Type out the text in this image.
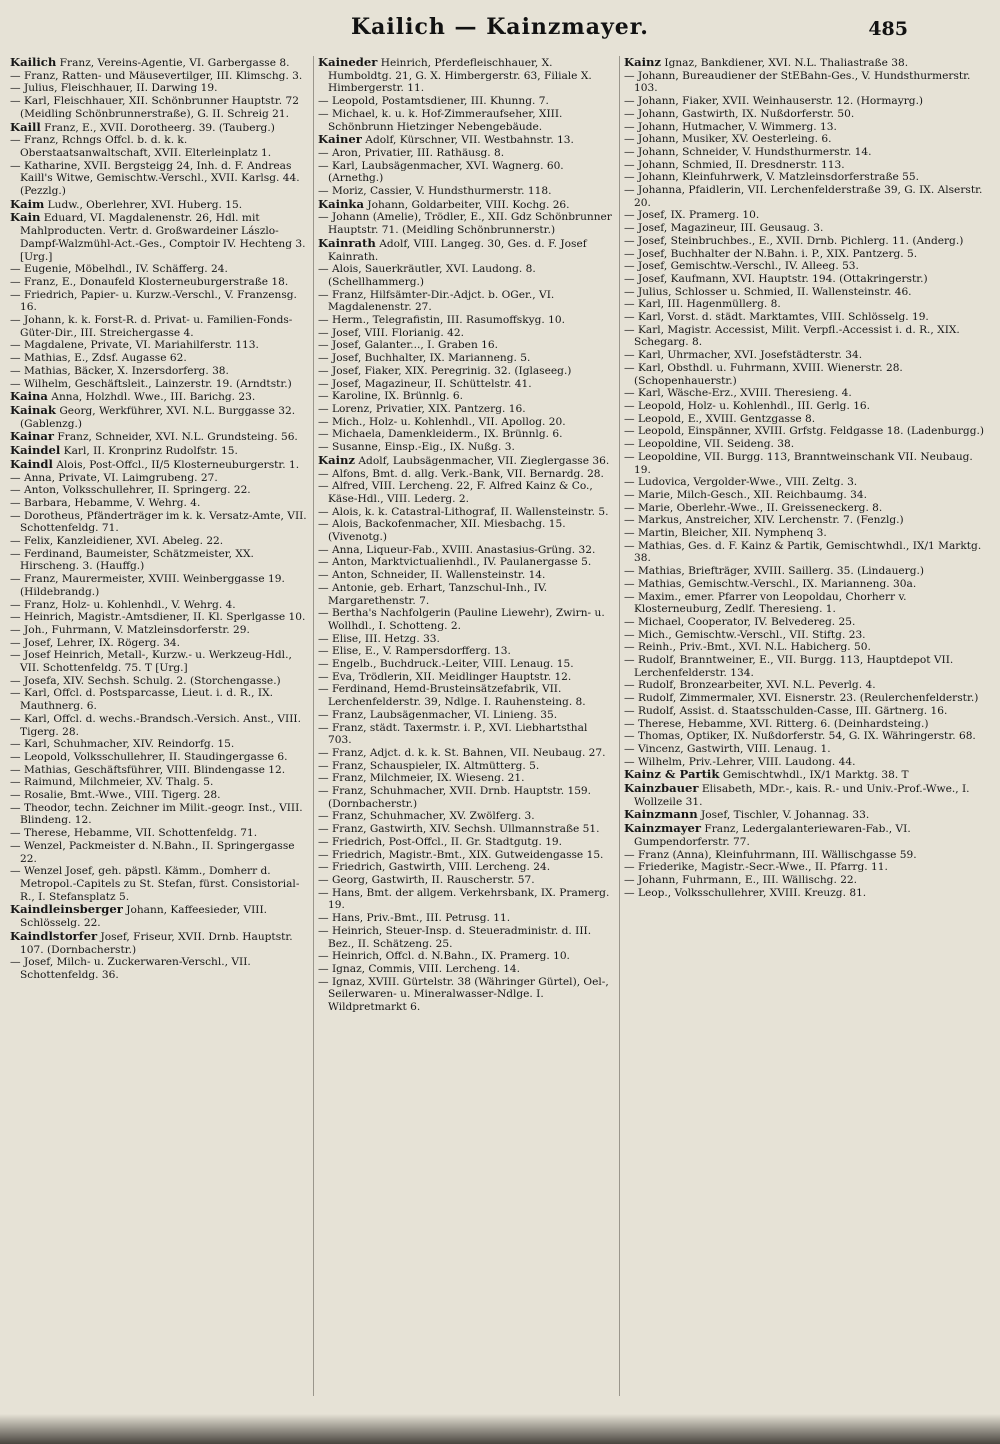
Kailich — Kainzmayer.	485

Kailich Franz, Vereins-Agentie, VI. Garbergasse 8.

— Franz, Ratten- und Mäusevertilger, III. Klimschg. 3.

— Julius, Fleischhauer, II. Darwing 19.

— Karl, Fleischhauer, XII. Schönbrunner Hauptstr. 72 (Meidling Schönbrunnerstraße), G. II. Schreig 21.

Kaill Franz, E., XVII. Dorotheerg. 39. (Tauberg.)

— Franz, Rchngs Offcl. b. d. k. k. Oberstaatsanwaltschaft, XVII. Elterleinplatz 1.

— Katharine, XVII. Bergsteigg 24, Inh. d. F. Andreas Kaill's Witwe, Gemischtw.-Verschl., XVII. Karlsg. 44. (Pezzlg.)

Kaim Ludw., Oberlehrer, XVI. Huberg. 15.

Kain Eduard, VI. Magdalenenstr. 26, Hdl. mit Mahlproducten. Vertr. d. Großwardeiner Lászlo-Dampf-Walzmühl-Act.-Ges., Comptoir IV. Hechteng 3. [Urg.]

— Eugenie, Möbelhdl., IV. Schäfferg. 24.

— Franz, E., Donaufeld Klosterneuburgerstraße 18.

— Friedrich, Papier- u. Kurzw.-Verschl., V. Franzensg. 16.

— Johann, k. k. Forst-R. d. Privat- u. Familien-Fonds-Güter-Dir., III. Streichergasse 4.

— Magdalene, Private, VI. Mariahilferstr. 113.

— Mathias, E., Zdsf. Augasse 62.

— Mathias, Bäcker, X. Inzersdorferg. 38.

— Wilhelm, Geschäftsleit., Lainzerstr. 19. (Arndtstr.)

Kaina Anna, Holzhdl. Wwe., III. Barichg. 23.

Kainak Georg, Werkführer, XVI. N.L. Burggasse 32. (Gablenzg.)

Kainar Franz, Schneider, XVI. N.L. Grundsteing. 56.

Kaindel Karl, II. Kronprinz Rudolfstr. 15.

Kaindl Alois, Post-Offcl., II/5 Klosterneuburgerstr. 1.

— Anna, Private, VI. Laimgrubeng. 27.

— Anton, Volksschullehrer, II. Springerg. 22.

— Barbara, Hebamme, V. Wehrg. 4.

— Dorotheus, Pfänderträger im k. k. Versatz-Amte, VII. Schottenfeldg. 71.

— Felix, Kanzleidiener, XVI. Abeleg. 22.

— Ferdinand, Baumeister, Schätzmeister, XX. Hirscheng. 3. (Hauffg.)

— Franz, Maurermeister, XVIII. Weinberggasse 19. (Hildebrandg.)

— Franz, Holz- u. Kohlenhdl., V. Wehrg. 4.

— Heinrich, Magistr.-Amtsdiener, II. Kl. Sperlgasse 10.

— Joh., Fuhrmann, V. Matzleinsdorferstr. 29.

— Josef, Lehrer, IX. Rögerg. 34.

— Josef Heinrich, Metall-, Kurzw.- u. Werkzeug-Hdl., VII. Schottenfeldg. 75. T [Urg.]

— Josefa, XIV. Sechsh. Schulg. 2. (Storchengasse.)

— Karl, Offcl. d. Postsparcasse, Lieut. i. d. R., IX. Mauthnerg. 6.

— Karl, Offcl. d. wechs.-Brandsch.-Versich. Anst., VIII. Tigerg. 28.

— Karl, Schuhmacher, XIV. Reindorfg. 15.

— Leopold, Volksschullehrer, II. Staudingergasse 6.

— Mathias, Geschäftsführer, VIII. Blindengasse 12.

— Raimund, Milchmeier, XV. Thalg. 5.

— Rosalie, Bmt.-Wwe., VIII. Tigerg. 28.

— Theodor, techn. Zeichner im Milit.-geogr. Inst., VIII. Blindeng. 12.

— Therese, Hebamme, VII. Schottenfeldg. 71.

— Wenzel, Packmeister d. N.Bahn., II. Springergasse 22.

— Wenzel Josef, geh. päpstl. Kämm., Domherr d. Metropol.-Capitels zu St. Stefan, fürst. Consistorial-R., I. Stefansplatz 5.

Kaindleinsberger Johann, Kaffeesieder, VIII. Schlösselg. 22.

Kaindlstorfer Josef, Friseur, XVII. Drnb. Hauptstr. 107. (Dornbacherstr.)

— Josef, Milch- u. Zuckerwaren-Verschl., VII. Schottenfeldg. 36.

Kaineder Heinrich, Pferdefleischhauer, X. Humboldtg. 21, G. X. Himbergerstr. 63, Filiale X. Himbergerstr. 11.

— Leopold, Postamtsdiener, III. Khunng. 7.

— Michael, k. u. k. Hof-Zimmeraufseher, XIII. Schönbrunn Hietzinger Nebengebäude.

Kainer Adolf, Kürschner, VII. Westbahnstr. 13.

— Aron, Privatier, III. Rathäusg. 8.

— Karl, Laubsägenmacher, XVI. Wagnerg. 60. (Arnethg.)

— Moriz, Cassier, V. Hundsthurmerstr. 118.

Kainka Johann, Goldarbeiter, VIII. Kochg. 26.

— Johann (Amelie), Trödler, E., XII. Gdz Schönbrunner Hauptstr. 71. (Meidling Schönbrunnerstr.)

Kainrath Adolf, VIII. Langeg. 30, Ges. d. F. Josef Kainrath.

— Alois, Sauerkräutler, XVI. Laudong. 8. (Schellhammerg.)

— Franz, Hilfsämter-Dir.-Adjct. b. OGer., VI. Magdalenenstr. 27.

— Herm., Telegrafistin, III. Rasumoffskyg. 10.

— Josef, VIII. Florianig. 42.

— Josef, Galanter..., I. Graben 16.

— Josef, Buchhalter, IX. Marianneng. 5.

— Josef, Fiaker, XIX. Peregrinig. 32. (Iglaseeg.)

— Josef, Magazineur, II. Schüttelstr. 41.

— Karoline, IX. Brünnlg. 6.

— Lorenz, Privatier, XIX. Pantzerg. 16.

— Mich., Holz- u. Kohlenhdl., VII. Apollog. 20.

— Michaela, Damenkleiderm., IX. Brünnlg. 6.

— Susanne, Einsp.-Eig., IX. Nußg. 3.

Kainz Adolf, Laubsägenmacher, VII. Zieglergasse 36.

— Alfons, Bmt. d. allg. Verk.-Bank, VII. Bernardg. 28.

— Alfred, VIII. Lercheng. 22, F. Alfred Kainz & Co., Käse-Hdl., VIII. Lederg. 2.

— Alois, k. k. Catastral-Lithograf, II. Wallensteinstr. 5.

— Alois, Backofenmacher, XII. Miesbachg. 15. (Vivenotg.)

— Anna, Liqueur-Fab., XVIII. Anastasius-Grüng. 32.

— Anton, Marktvictualienhdl., IV. Paulanergasse 5.

— Anton, Schneider, II. Wallensteinstr. 14.

— Antonie, geb. Erhart, Tanzschul-Inh., IV. Margarethenstr. 7.

— Bertha's Nachfolgerin (Pauline Liewehr), Zwirn- u. Wollhdl., I. Schotteng. 2.

— Elise, III. Hetzg. 33.

— Elise, E., V. Rampersdorfferg. 13.

— Engelb., Buchdruck.-Leiter, VIII. Lenaug. 15.

— Eva, Trödlerin, XII. Meidlinger Hauptstr. 12.

— Ferdinand, Hemd-Brusteinsätzefabrik, VII. Lerchenfelderstr. 39, Ndlge. I. Rauhensteing. 8.

— Franz, Laubsägenmacher, VI. Linieng. 35.

— Franz, städt. Taxermstr. i. P., XVI. Liebhartsthal 703.

— Franz, Adjct. d. k. k. St. Bahnen, VII. Neubaug. 27.

— Franz, Schauspieler, IX. Altmütterg. 5.

— Franz, Milchmeier, IX. Wieseng. 21.

— Franz, Schuhmacher, XVII. Drnb. Hauptstr. 159. (Dornbacherstr.)

— Franz, Schuhmacher, XV. Zwölferg. 3.

— Franz, Gastwirth, XIV. Sechsh. Ullmannstraße 51.

— Friedrich, Post-Offcl., II. Gr. Stadtgutg. 19.

— Friedrich, Magistr.-Bmt., XIX. Gutweidengasse 15.

— Friedrich, Gastwirth, VIII. Lercheng. 24.

— Georg, Gastwirth, II. Rauscherstr. 57.

— Hans, Bmt. der allgem. Verkehrsbank, IX. Pramerg. 19.

— Hans, Priv.-Bmt., III. Petrusg. 11.

— Heinrich, Steuer-Insp. d. Steueradministr. d. III. Bez., II. Schätzeng. 25.

— Heinrich, Offcl. d. N.Bahn., IX. Pramerg. 10.

— Ignaz, Commis, VIII. Lercheng. 14.

— Ignaz, XVIII. Gürtelstr. 38 (Währinger Gürtel), Oel-, Seilerwaren- u. Mineralwasser-Ndlge. I. Wildpretmarkt 6.

Kainz Ignaz, Bankdiener, XVI. N.L. Thaliastraße 38.

— Johann, Bureaudiener der StEBahn-Ges., V. Hundsthurmerstr. 103.

— Johann, Fiaker, XVII. Weinhauserstr. 12. (Hormayrg.)

— Johann, Gastwirth, IX. Nußdorferstr. 50.

— Johann, Hutmacher, V. Wimmerg. 13.

— Johann, Musiker, XV. Oesterleing. 6.

— Johann, Schneider, V. Hundsthurmerstr. 14.

— Johann, Schmied, II. Dresdnerstr. 113.

— Johann, Kleinfuhrwerk, V. Matzleinsdorferstraße 55.

— Johanna, Pfaidlerin, VII. Lerchenfelderstraße 39, G. IX. Alserstr. 20.

— Josef, IX. Pramerg. 10.

— Josef, Magazineur, III. Geusaug. 3.

— Josef, Steinbruchbes., E., XVII. Drnb. Pichlerg. 11. (Anderg.)

— Josef, Buchhalter der N.Bahn. i. P., XIX. Pantzerg. 5.

— Josef, Gemischtw.-Verschl., IV. Alleeg. 53.

— Josef, Kaufmann, XVI. Hauptstr. 194. (Ottakringerstr.)

— Julius, Schlosser u. Schmied, II. Wallensteinstr. 46.

— Karl, III. Hagenmüllerg. 8.

— Karl, Vorst. d. städt. Marktamtes, VIII. Schlösselg. 19.

— Karl, Magistr. Accessist, Milit. Verpfl.-Accessist i. d. R., XIX. Schegarg. 8.

— Karl, Uhrmacher, XVI. Josefstädterstr. 34.

— Karl, Obsthdl. u. Fuhrmann, XVIII. Wienerstr. 28. (Schopenhauerstr.)

— Karl, Wäsche-Erz., XVIII. Theresieng. 4.

— Leopold, Holz- u. Kohlenhdl., III. Gerlg. 16.

— Leopold, E., XVIII. Gentzgasse 8.

— Leopold, Einspänner, XVIII. Grfstg. Feldgasse 18. (Ladenburgg.)

— Leopoldine, VII. Seideng. 38.

— Leopoldine, VII. Burgg. 113, Branntweinschank VII. Neubaug. 19.

— Ludovica, Vergolder-Wwe., VIII. Zeltg. 3.

— Marie, Milch-Gesch., XII. Reichbaumg. 34.

— Marie, Oberlehr.-Wwe., II. Greisseneckerg. 8.

— Markus, Anstreicher, XIV. Lerchenstr. 7. (Fenzlg.)

— Martin, Bleicher, XII. Nymphenq 3.

— Mathias, Ges. d. F. Kainz & Partik, Gemischtwhdl., IX/1 Marktg. 38.

— Mathias, Briefträger, XVIII. Saillerg. 35. (Lindauerg.)

— Mathias, Gemischtw.-Verschl., IX. Marianneng. 30a.

— Maxim., emer. Pfarrer von Leopoldau, Chorherr v. Klosterneuburg, Zedlf. Theresieng. 1.

— Michael, Cooperator, IV. Belvedereg. 25.

— Mich., Gemischtw.-Verschl., VII. Stiftg. 23.

— Reinh., Priv.-Bmt., XVI. N.L. Habicherg. 50.

— Rudolf, Branntweiner, E., VII. Burgg. 113, Hauptdepot VII. Lerchenfelderstr. 134.

— Rudolf, Bronzearbeiter, XVI. N.L. Peverlg. 4.

— Rudolf, Zimmermaler, XVI. Eisnerstr. 23. (Reulerchenfelderstr.)

— Rudolf, Assist. d. Staatsschulden-Casse, III. Gärtnerg. 16.

— Therese, Hebamme, XVI. Ritterg. 6. (Deinhardsteing.)

— Thomas, Optiker, IX. Nußdorferstr. 54, G. IX. Währingerstr. 68.

— Vincenz, Gastwirth, VIII. Lenaug. 1.

— Wilhelm, Priv.-Lehrer, VIII. Laudong. 44.

Kainz & Partik Gemischtwhdl., IX/1 Marktg. 38. T

Kainzbauer Elisabeth, MDr.-, kais. R.- und Univ.-Prof.-Wwe., I. Wollzeile 31.

Kainzmann Josef, Tischler, V. Johannag. 33.

Kainzmayer Franz, Ledergalanteriewaren-Fab., VI. Gumpendorferstr. 77.

— Franz (Anna), Kleinfuhrmann, III. Wällischgasse 59.

— Friederike, Magistr.-Secr.-Wwe., II. Pfarrg. 11.

— Johann, Fuhrmann, E., III. Wällischg. 22.

— Leop., Volksschullehrer, XVIII. Kreuzg. 81.
